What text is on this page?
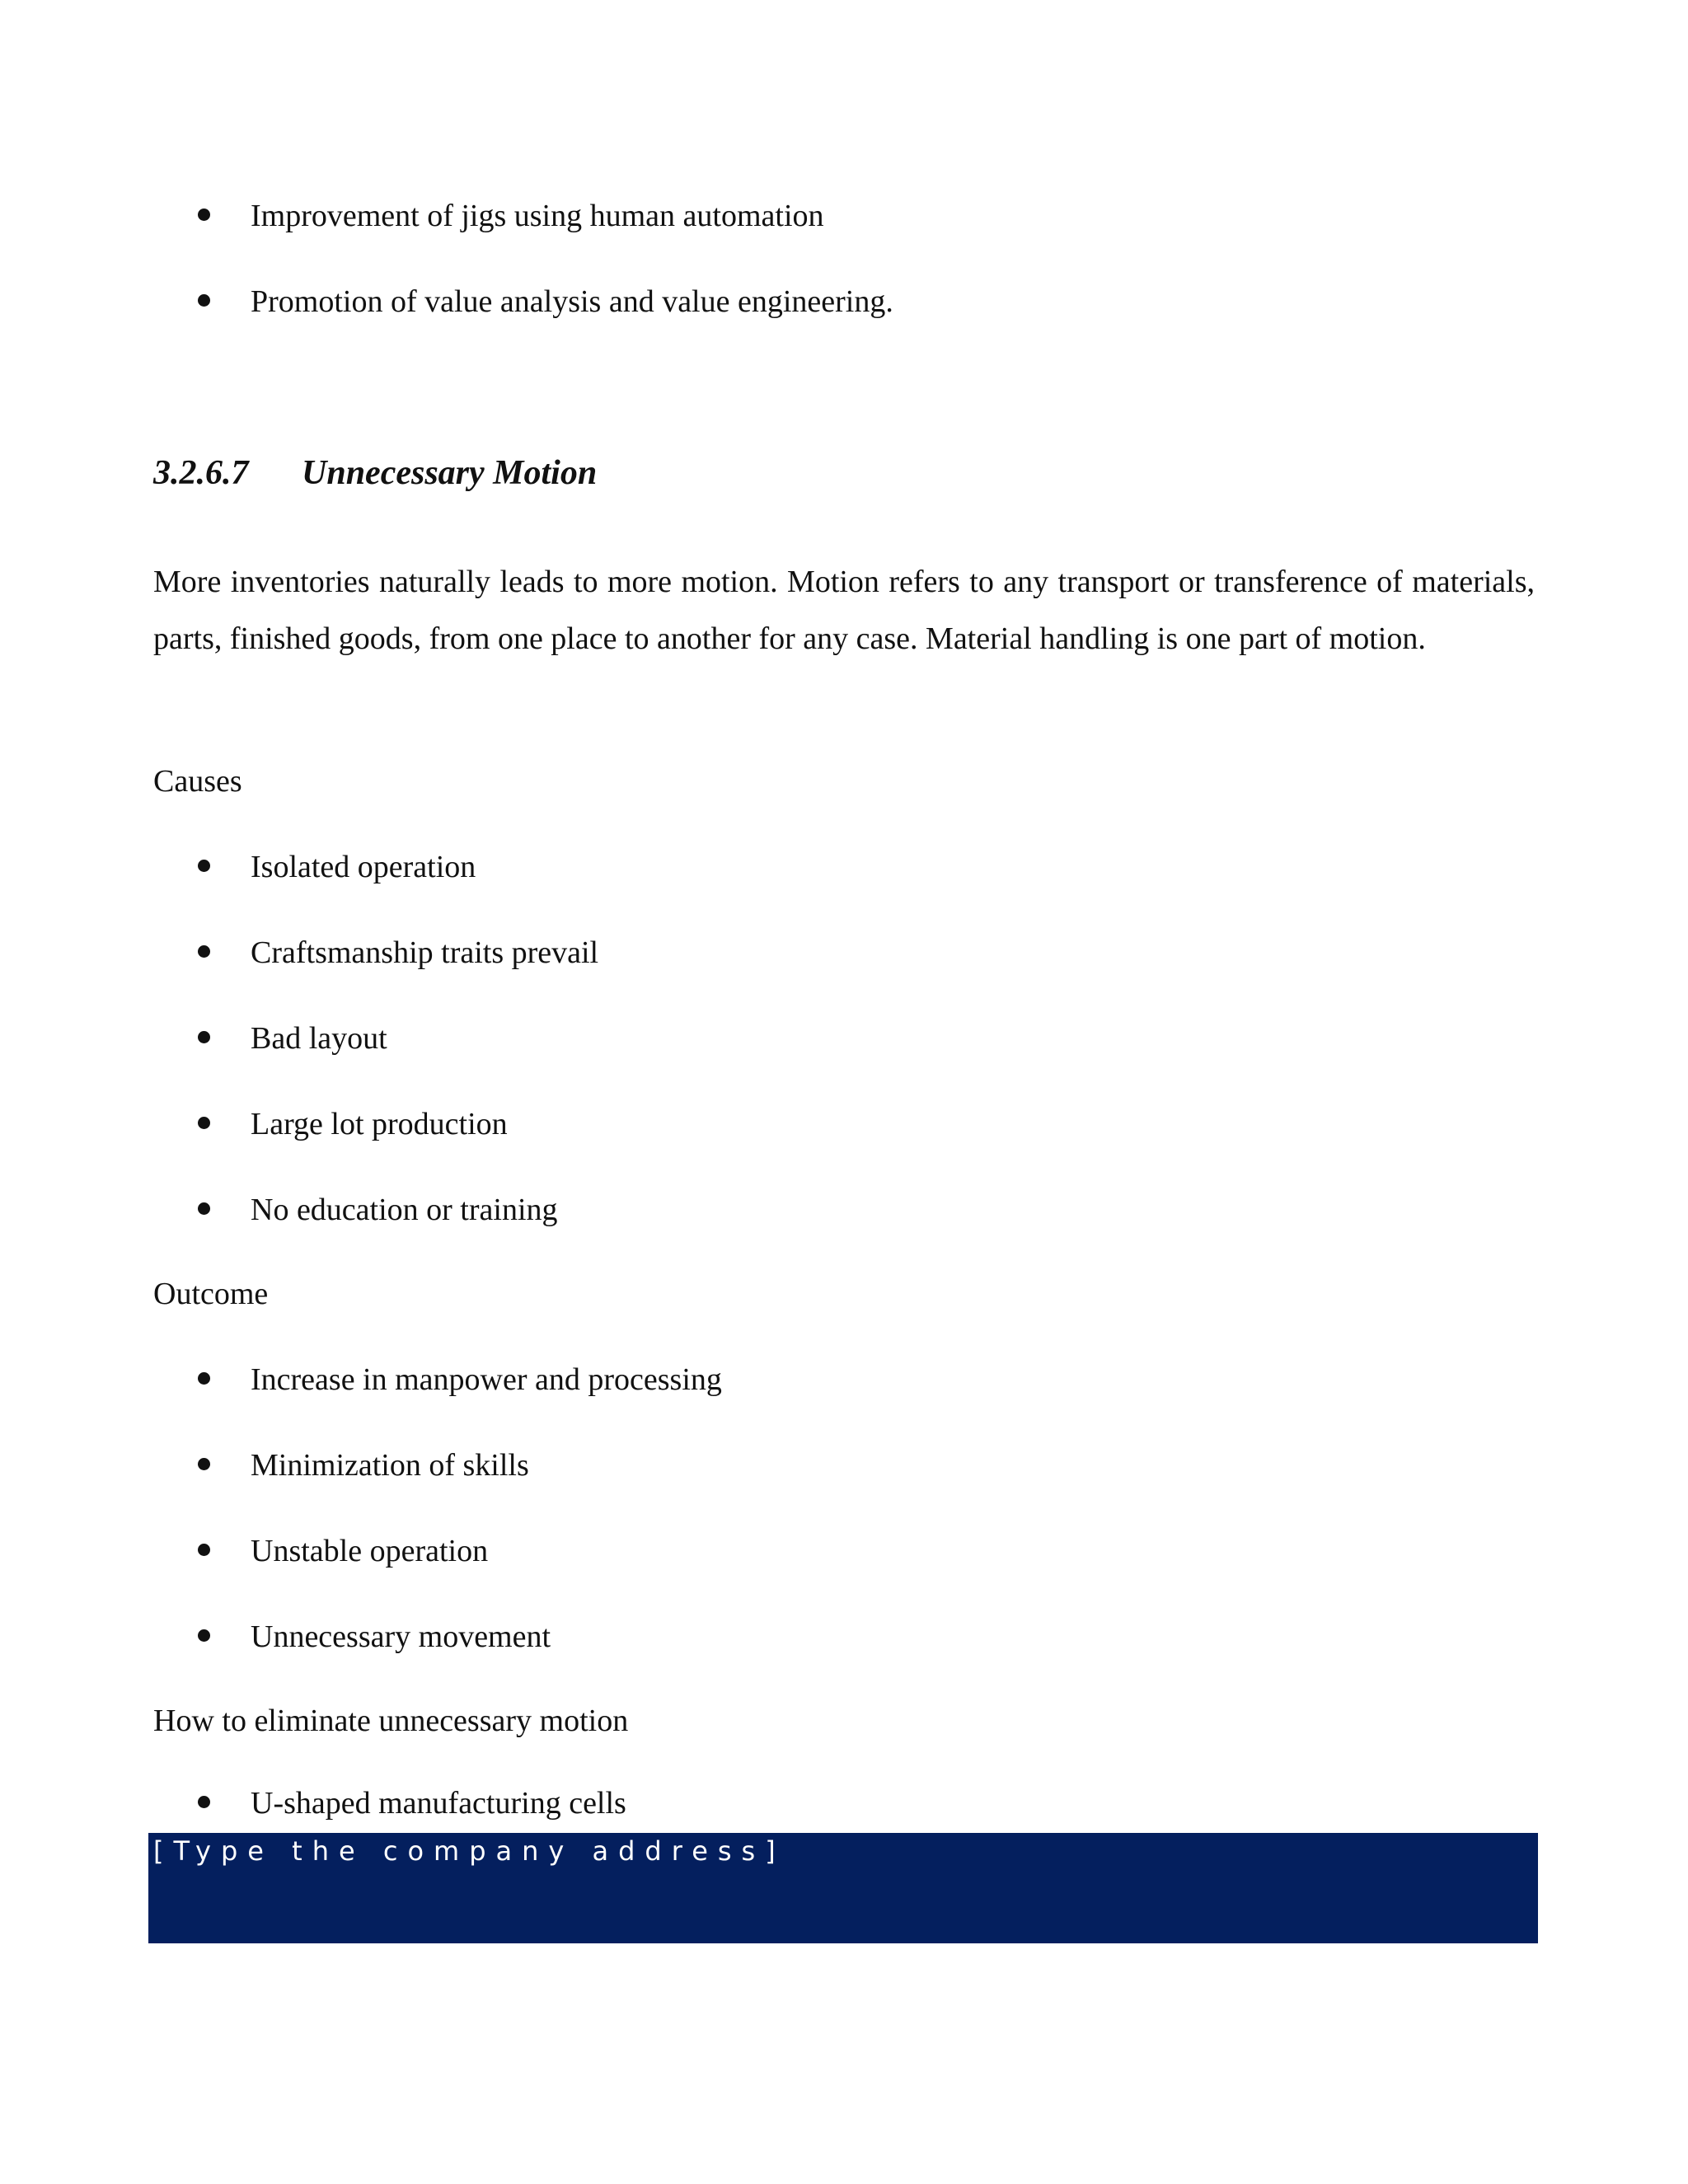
Improvement of jigs using human automation
Promotion of value analysis and value engineering.
3.2.6.7 Unnecessary Motion

More inventories naturally leads to more motion. Motion refers to any transport or transference of materials, parts, finished goods, from one place to another for any case. Material handling is one part of motion.

Causes

Isolated operation
Craftsmanship traits prevail
Bad layout
Large lot production
No education or training

Outcome

Increase in manpower and processing
Minimization of skills
Unstable operation
Unnecessary movement

How to eliminate unnecessary motion

U-shaped manufacturing cells
[Type the company address]
